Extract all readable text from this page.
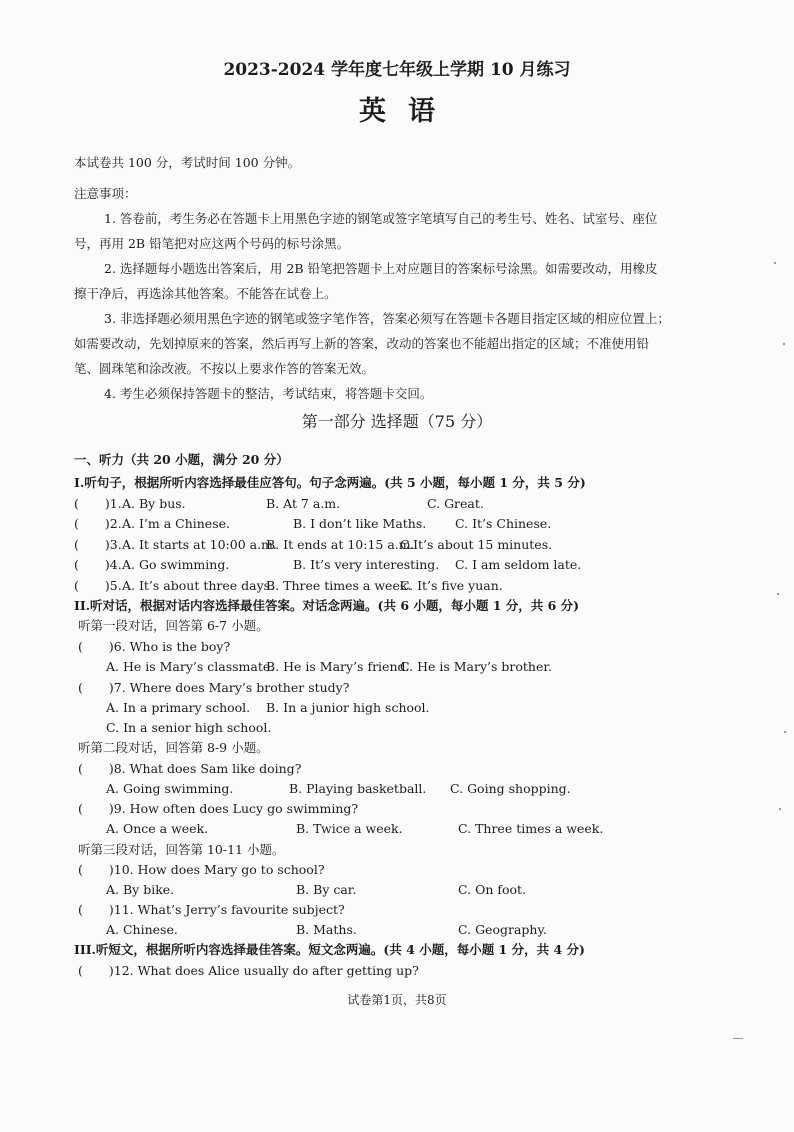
2023-2024 学年度七年级上学期 10 月练习
英语
本试卷共 100 分，考试时间 100 分钟。
注意事项：
1. 答卷前，考生务必在答题卡上用黑色字迹的钢笔或签字笔填写自己的考生号、姓名、试室号、座位
号，再用 2B 铅笔把对应这两个号码的标号涂黑。
2. 选择题每小题选出答案后，用 2B 铅笔把答题卡上对应题目的答案标号涂黑。如需要改动，用橡皮
擦干净后，再选涂其他答案。不能答在试卷上。
3. 非选择题必须用黑色字迹的钢笔或签字笔作答，答案必须写在答题卡各题目指定区域的相应位置上；
如需要改动，先划掉原来的答案，然后再写上新的答案，改动的答案也不能超出指定的区域；不准使用铅
笔、圆珠笔和涂改液。不按以上要求作答的答案无效。
4. 考生必须保持答题卡的整洁，考试结束，将答题卡交回。
第一部分 选择题（75 分）
一、听力（共 20 小题，满分 20 分）
I.听句子，根据所听内容选择最佳应答句。句子念两遍。(共 5 小题，每小题 1 分，共 5 分)
( )1. A. By bus.	B. At 7 a.m.	C. Great.
( )2. A. I’m a Chinese.	B. I don’t like Maths. C. It’s Chinese.
( )3. A. It starts at 10:00 a.m.
B. It ends at 10:15 a.m.
C.It’s about 15 minutes.
( )4. A. Go swimming.	B. It’s very interesting. C. I am seldom late.
( )5. A. It’s about three days.
B. Three times a week.
C. It’s five yuan.
II.听对话，根据对话内容选择最佳答案。对话念两遍。(共 6 小题，每小题 1 分，共 6 分)
听第一段对话，回答第 6-7 小题。
( )6. Who is the boy?
A. He is Mary’s classmate.
B. He is Mary’s friend.
C. He is Mary’s brother.
( )7. Where does Mary’s brother study?
A. In a primary school. B. In a junior high school.
C. In a senior high school.
听第二段对话，回答第 8-9 小题。
( )8. What does Sam like doing?
A. Going swimming.	B. Playing basketball. C. Going shopping.
( )9. How often does Lucy go swimming?
A. Once a week.	B. Twice a week.	C. Three times a week.
听第三段对话，回答第 10-11 小题。
( )10. How does Mary go to school?
A. By bike.	B. By car.	C. On foot.
( )11. What’s Jerry’s favourite subject?
A. Chinese.	B. Maths.	C. Geography.
III.听短文，根据所听内容选择最佳答案。短文念两遍。(共 4 小题，每小题 1 分，共 4 分)
( )12. What does Alice usually do after getting up?
试卷第1页，共8页
